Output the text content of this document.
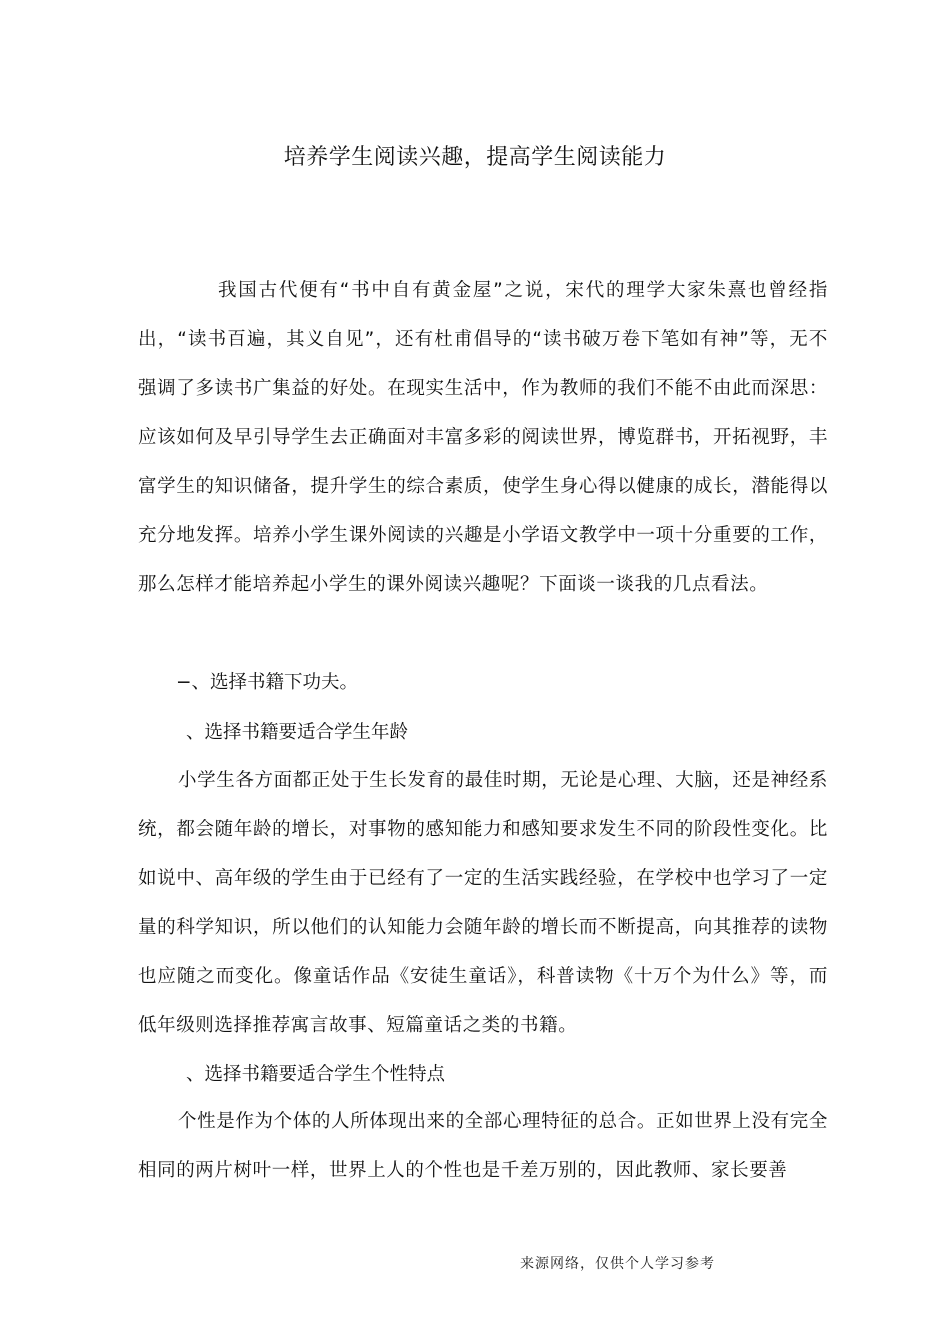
培养学生阅读兴趣，提高学生阅读能力
我国古代便有“书中自有黄金屋”之说，宋代的理学大家朱熹也曾经指出，“读书百遍，其义自见”，还有杜甫倡导的“读书破万卷下笔如有神”等，无不强调了多读书广集益的好处。在现实生活中，作为教师的我们不能不由此而深思：应该如何及早引导学生去正确面对丰富多彩的阅读世界，博览群书，开拓视野，丰富学生的知识储备，提升学生的综合素质，使学生身心得以健康的成长，潜能得以充分地发挥。培养小学生课外阅读的兴趣是小学语文教学中一项十分重要的工作，那么怎样才能培养起小学生的课外阅读兴趣呢？下面谈一谈我的几点看法。
−、选择书籍下功夫。
、选择书籍要适合学生年龄
小学生各方面都正处于生长发育的最佳时期，无论是心理、大脑，还是神经系统，都会随年龄的增长，对事物的感知能力和感知要求发生不同的阶段性变化。比如说中、高年级的学生由于已经有了一定的生活实践经验，在学校中也学习了一定量的科学知识，所以他们的认知能力会随年龄的增长而不断提高，向其推荐的读物也应随之而变化。像童话作品《安徒生童话》，科普读物《十万个为什么》等，而低年级则选择推荐寓言故事、短篇童话之类的书籍。
、选择书籍要适合学生个性特点
个性是作为个体的人所体现出来的全部心理特征的总合。正如世界上没有完全相同的两片树叶一样，世界上人的个性也是千差万别的，因此教师、家长要善
来源网络，仅供个人学习参考
